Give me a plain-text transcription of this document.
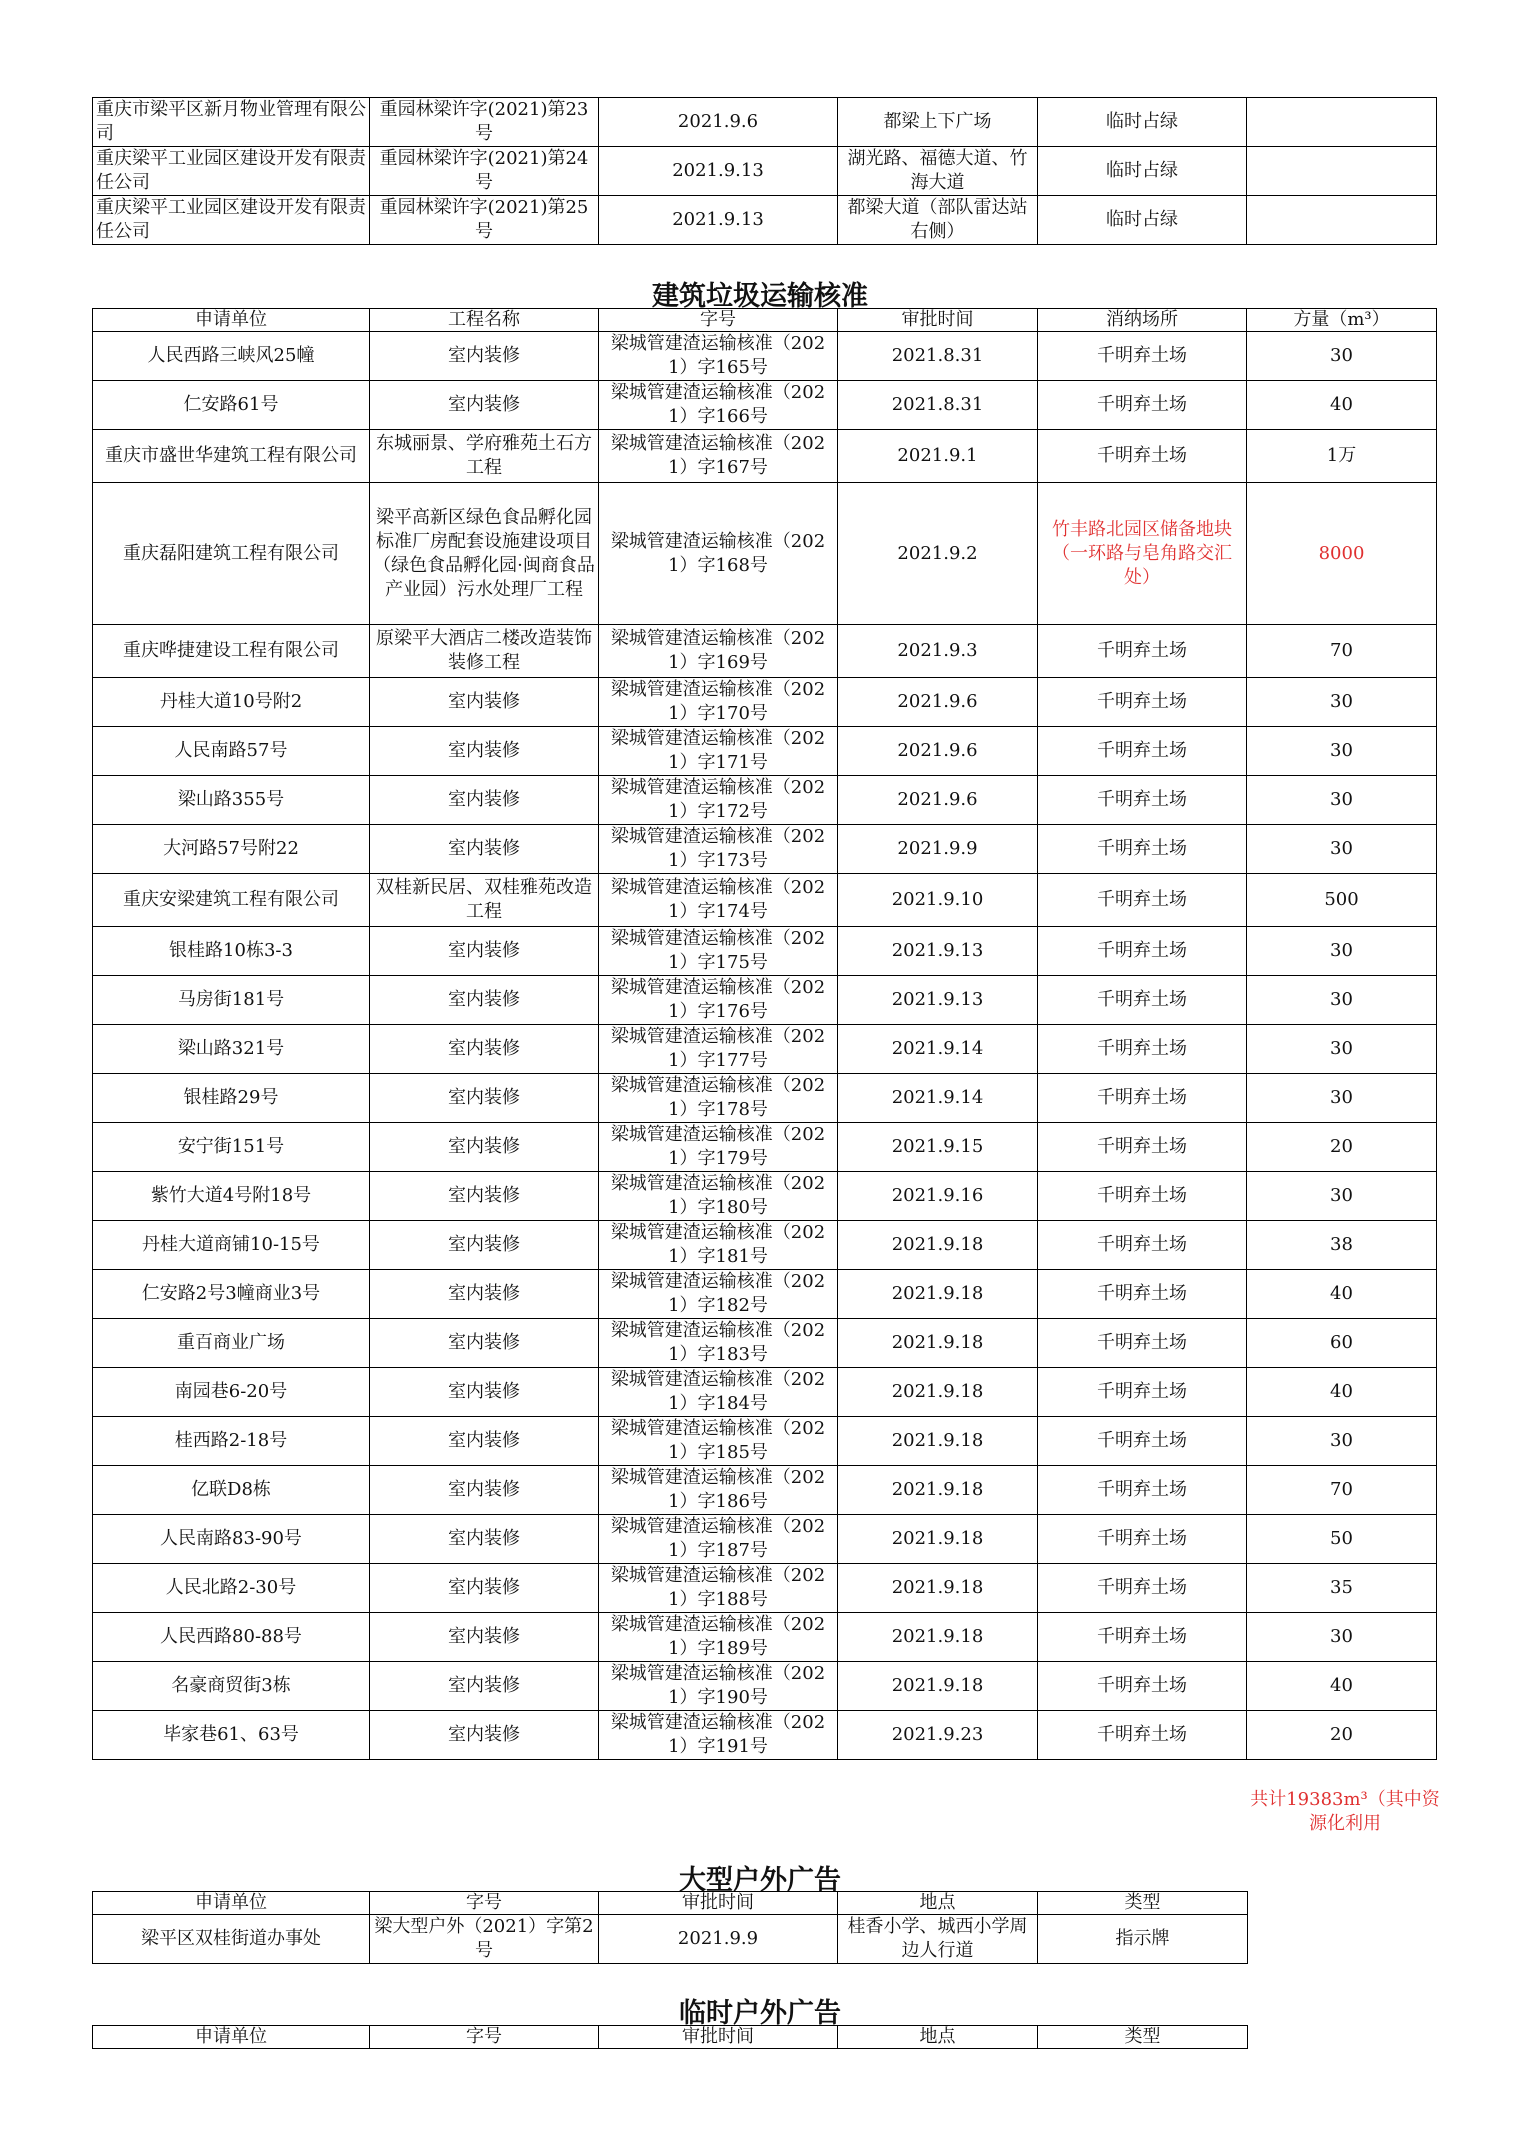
重庆市梁平区新月物业管理有限公司	重园林梁许字(2021)第23号	2021.9.6	都梁上下广场	临时占绿	
重庆梁平工业园区建设开发有限责任公司	重园林梁许字(2021)第24号	2021.9.13	湖光路、福德大道、竹海大道	临时占绿	
重庆梁平工业园区建设开发有限责任公司	重园林梁许字(2021)第25号	2021.9.13	都梁大道（部队雷达站右侧）	临时占绿	
建筑垃圾运输核准
申请单位	工程名称	字号	审批时间	消纳场所	方量（m³）
人民西路三峡风25幢	室内装修	梁城管建渣运输核准（2021）字165号	2021.8.31	千明弃土场	30
仁安路61号	室内装修	梁城管建渣运输核准（2021）字166号	2021.8.31	千明弃土场	40
重庆市盛世华建筑工程有限公司	东城丽景、学府雅苑土石方工程	梁城管建渣运输核准（2021）字167号	2021.9.1	千明弃土场	1万
重庆磊阳建筑工程有限公司	梁平高新区绿色食品孵化园标准厂房配套设施建设项目（绿色食品孵化园·闽商食品产业园）污水处理厂工程	梁城管建渣运输核准（2021）字168号	2021.9.2	竹丰路北园区储备地块（一环路与皂角路交汇处）	8000
重庆哗捷建设工程有限公司	原梁平大酒店二楼改造装饰装修工程	梁城管建渣运输核准（2021）字169号	2021.9.3	千明弃土场	70
丹桂大道10号附2	室内装修	梁城管建渣运输核准（2021）字170号	2021.9.6	千明弃土场	30
人民南路57号	室内装修	梁城管建渣运输核准（2021）字171号	2021.9.6	千明弃土场	30
梁山路355号	室内装修	梁城管建渣运输核准（2021）字172号	2021.9.6	千明弃土场	30
大河路57号附22	室内装修	梁城管建渣运输核准（2021）字173号	2021.9.9	千明弃土场	30
重庆安梁建筑工程有限公司	双桂新民居、双桂雅苑改造工程	梁城管建渣运输核准（2021）字174号	2021.9.10	千明弃土场	500
银桂路10栋3-3	室内装修	梁城管建渣运输核准（2021）字175号	2021.9.13	千明弃土场	30
马房街181号	室内装修	梁城管建渣运输核准（2021）字176号	2021.9.13	千明弃土场	30
梁山路321号	室内装修	梁城管建渣运输核准（2021）字177号	2021.9.14	千明弃土场	30
银桂路29号	室内装修	梁城管建渣运输核准（2021）字178号	2021.9.14	千明弃土场	30
安宁街151号	室内装修	梁城管建渣运输核准（2021）字179号	2021.9.15	千明弃土场	20
紫竹大道4号附18号	室内装修	梁城管建渣运输核准（2021）字180号	2021.9.16	千明弃土场	30
丹桂大道商铺10-15号	室内装修	梁城管建渣运输核准（2021）字181号	2021.9.18	千明弃土场	38
仁安路2号3幢商业3号	室内装修	梁城管建渣运输核准（2021）字182号	2021.9.18	千明弃土场	40
重百商业广场	室内装修	梁城管建渣运输核准（2021）字183号	2021.9.18	千明弃土场	60
南园巷6-20号	室内装修	梁城管建渣运输核准（2021）字184号	2021.9.18	千明弃土场	40
桂西路2-18号	室内装修	梁城管建渣运输核准（2021）字185号	2021.9.18	千明弃土场	30
亿联D8栋	室内装修	梁城管建渣运输核准（2021）字186号	2021.9.18	千明弃土场	70
人民南路83-90号	室内装修	梁城管建渣运输核准（2021）字187号	2021.9.18	千明弃土场	50
人民北路2-30号	室内装修	梁城管建渣运输核准（2021）字188号	2021.9.18	千明弃土场	35
人民西路80-88号	室内装修	梁城管建渣运输核准（2021）字189号	2021.9.18	千明弃土场	30
名豪商贸街3栋	室内装修	梁城管建渣运输核准（2021）字190号	2021.9.18	千明弃土场	40
毕家巷61、63号	室内装修	梁城管建渣运输核准（2021）字191号	2021.9.23	千明弃土场	20
共计19383m³（其中资源化利用
大型户外广告
申请单位	字号	审批时间	地点	类型
梁平区双桂街道办事处	梁大型户外（2021）字第2号	2021.9.9	桂香小学、城西小学周边人行道	指示牌
临时户外广告
申请单位	字号	审批时间	地点	类型
